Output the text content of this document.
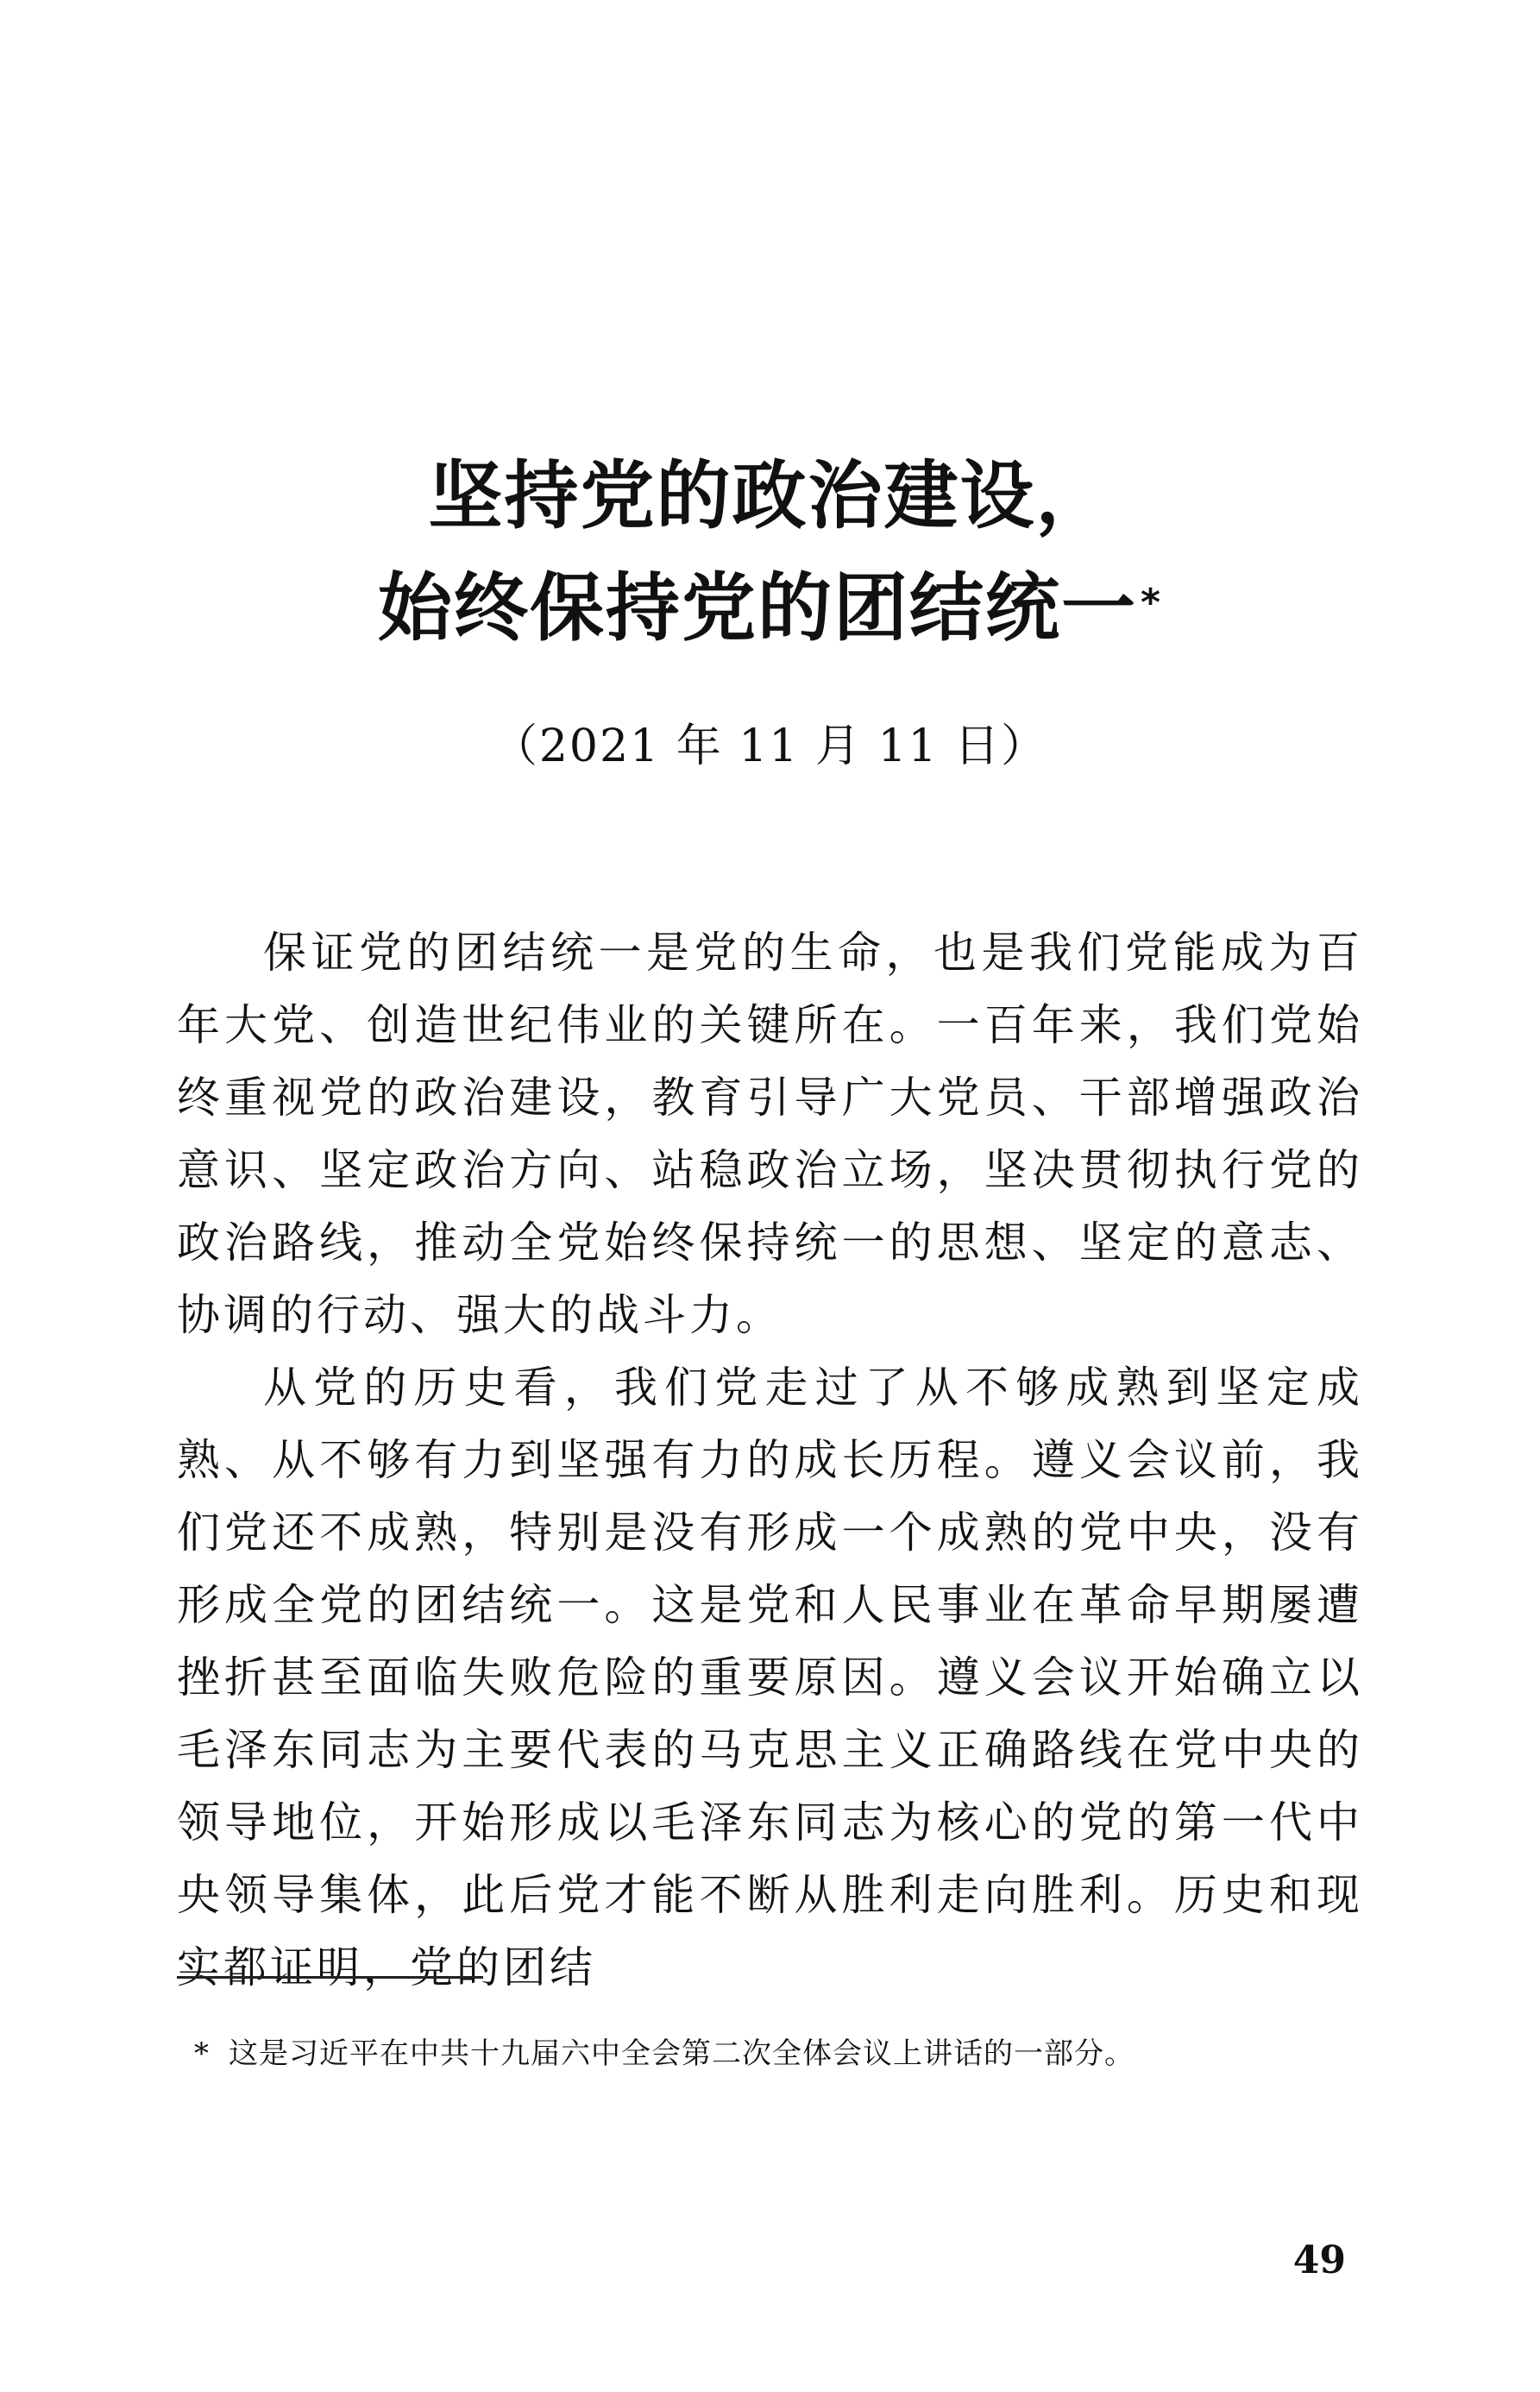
坚持党的政治建设，
始终保持党的团结统一*
（2021 年 11 月 11 日）

保证党的团结统一是党的生命，也是我们党能成为百年大党、创造世纪伟业的关键所在。一百年来，我们党始终重视党的政治建设，教育引导广大党员、干部增强政治意识、坚定政治方向、站稳政治立场，坚决贯彻执行党的政治路线，推动全党始终保持统一的思想、坚定的意志、协调的行动、强大的战斗力。

从党的历史看，我们党走过了从不够成熟到坚定成熟、从不够有力到坚强有力的成长历程。遵义会议前，我们党还不成熟，特别是没有形成一个成熟的党中央，没有形成全党的团结统一。这是党和人民事业在革命早期屡遭挫折甚至面临失败危险的重要原因。遵义会议开始确立以毛泽东同志为主要代表的马克思主义正确路线在党中央的领导地位，开始形成以毛泽东同志为核心的党的第一代中央领导集体，此后党才能不断从胜利走向胜利。历史和现实都证明，党的团结

* 这是习近平在中共十九届六中全会第二次全体会议上讲话的一部分。
49
